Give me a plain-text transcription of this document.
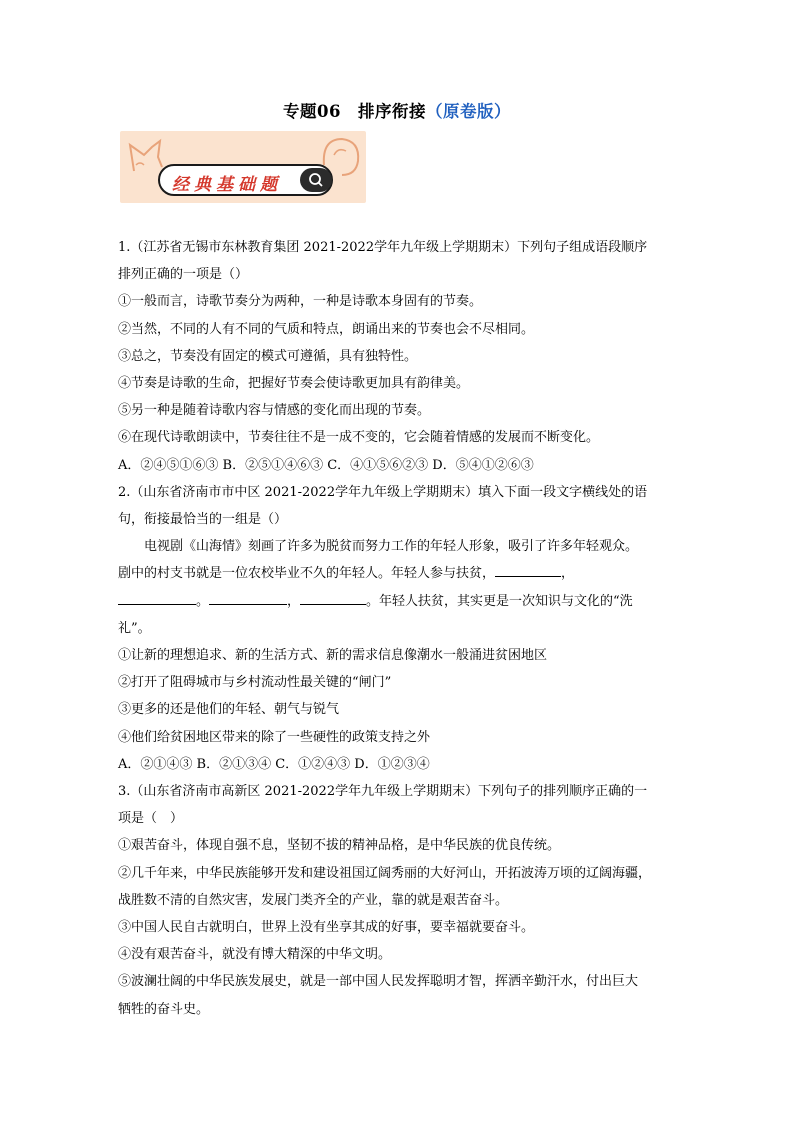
专题06　排序衔接（原卷版）
经典基础题

1.（江苏省无锡市东林教育集团 2021-2022学年九年级上学期期末）下列句子组成语段顺序

排列正确的一项是（）

①一般而言，诗歌节奏分为两种，一种是诗歌本身固有的节奏。

②当然，不同的人有不同的气质和特点，朗诵出来的节奏也会不尽相同。

③总之，节奏没有固定的模式可遵循，具有独特性。

④节奏是诗歌的生命，把握好节奏会使诗歌更加具有韵律美。

⑤另一种是随着诗歌内容与情感的变化而出现的节奏。

⑥在现代诗歌朗读中，节奏往往不是一成不变的，它会随着情感的发展而不断变化。

A．②④⑤①⑥③ B．②⑤①④⑥③ C．④①⑤⑥②③ D．⑤④①②⑥③

2.（山东省济南市市中区 2021-2022学年九年级上学期期末）填入下面一段文字横线处的语

句，衔接最恰当的一组是（）

电视剧《山海情》刻画了许多为脱贫而努力工作的年轻人形象，吸引了许多年轻观众。

剧中的村支书就是一位农校毕业不久的年轻人。年轻人参与扶贫，	，

。	，	。年轻人扶贫，其实更是一次知识与文化的“洗

礼”。

①让新的理想追求、新的生活方式、新的需求信息像潮水一般涌进贫困地区

②打开了阻碍城市与乡村流动性最关键的“闸门”

③更多的还是他们的年轻、朝气与锐气

④他们给贫困地区带来的除了一些硬性的政策支持之外

A．②①④③ B．②①③④ C．①②④③ D．①②③④

3.（山东省济南市高新区 2021-2022学年九年级上学期期末）下列句子的排列顺序正确的一

项是（　）

①艰苦奋斗，体现自强不息，坚韧不拔的精神品格，是中华民族的优良传统。

②几千年来，中华民族能够开发和建设祖国辽阔秀丽的大好河山，开拓波涛万顷的辽阔海疆，

战胜数不清的自然灾害，发展门类齐全的产业，靠的就是艰苦奋斗。

③中国人民自古就明白，世界上没有坐享其成的好事，要幸福就要奋斗。

④没有艰苦奋斗，就没有博大精深的中华文明。

⑤波澜壮阔的中华民族发展史，就是一部中国人民发挥聪明才智，挥洒辛勤汗水，付出巨大

牺牲的奋斗史。
